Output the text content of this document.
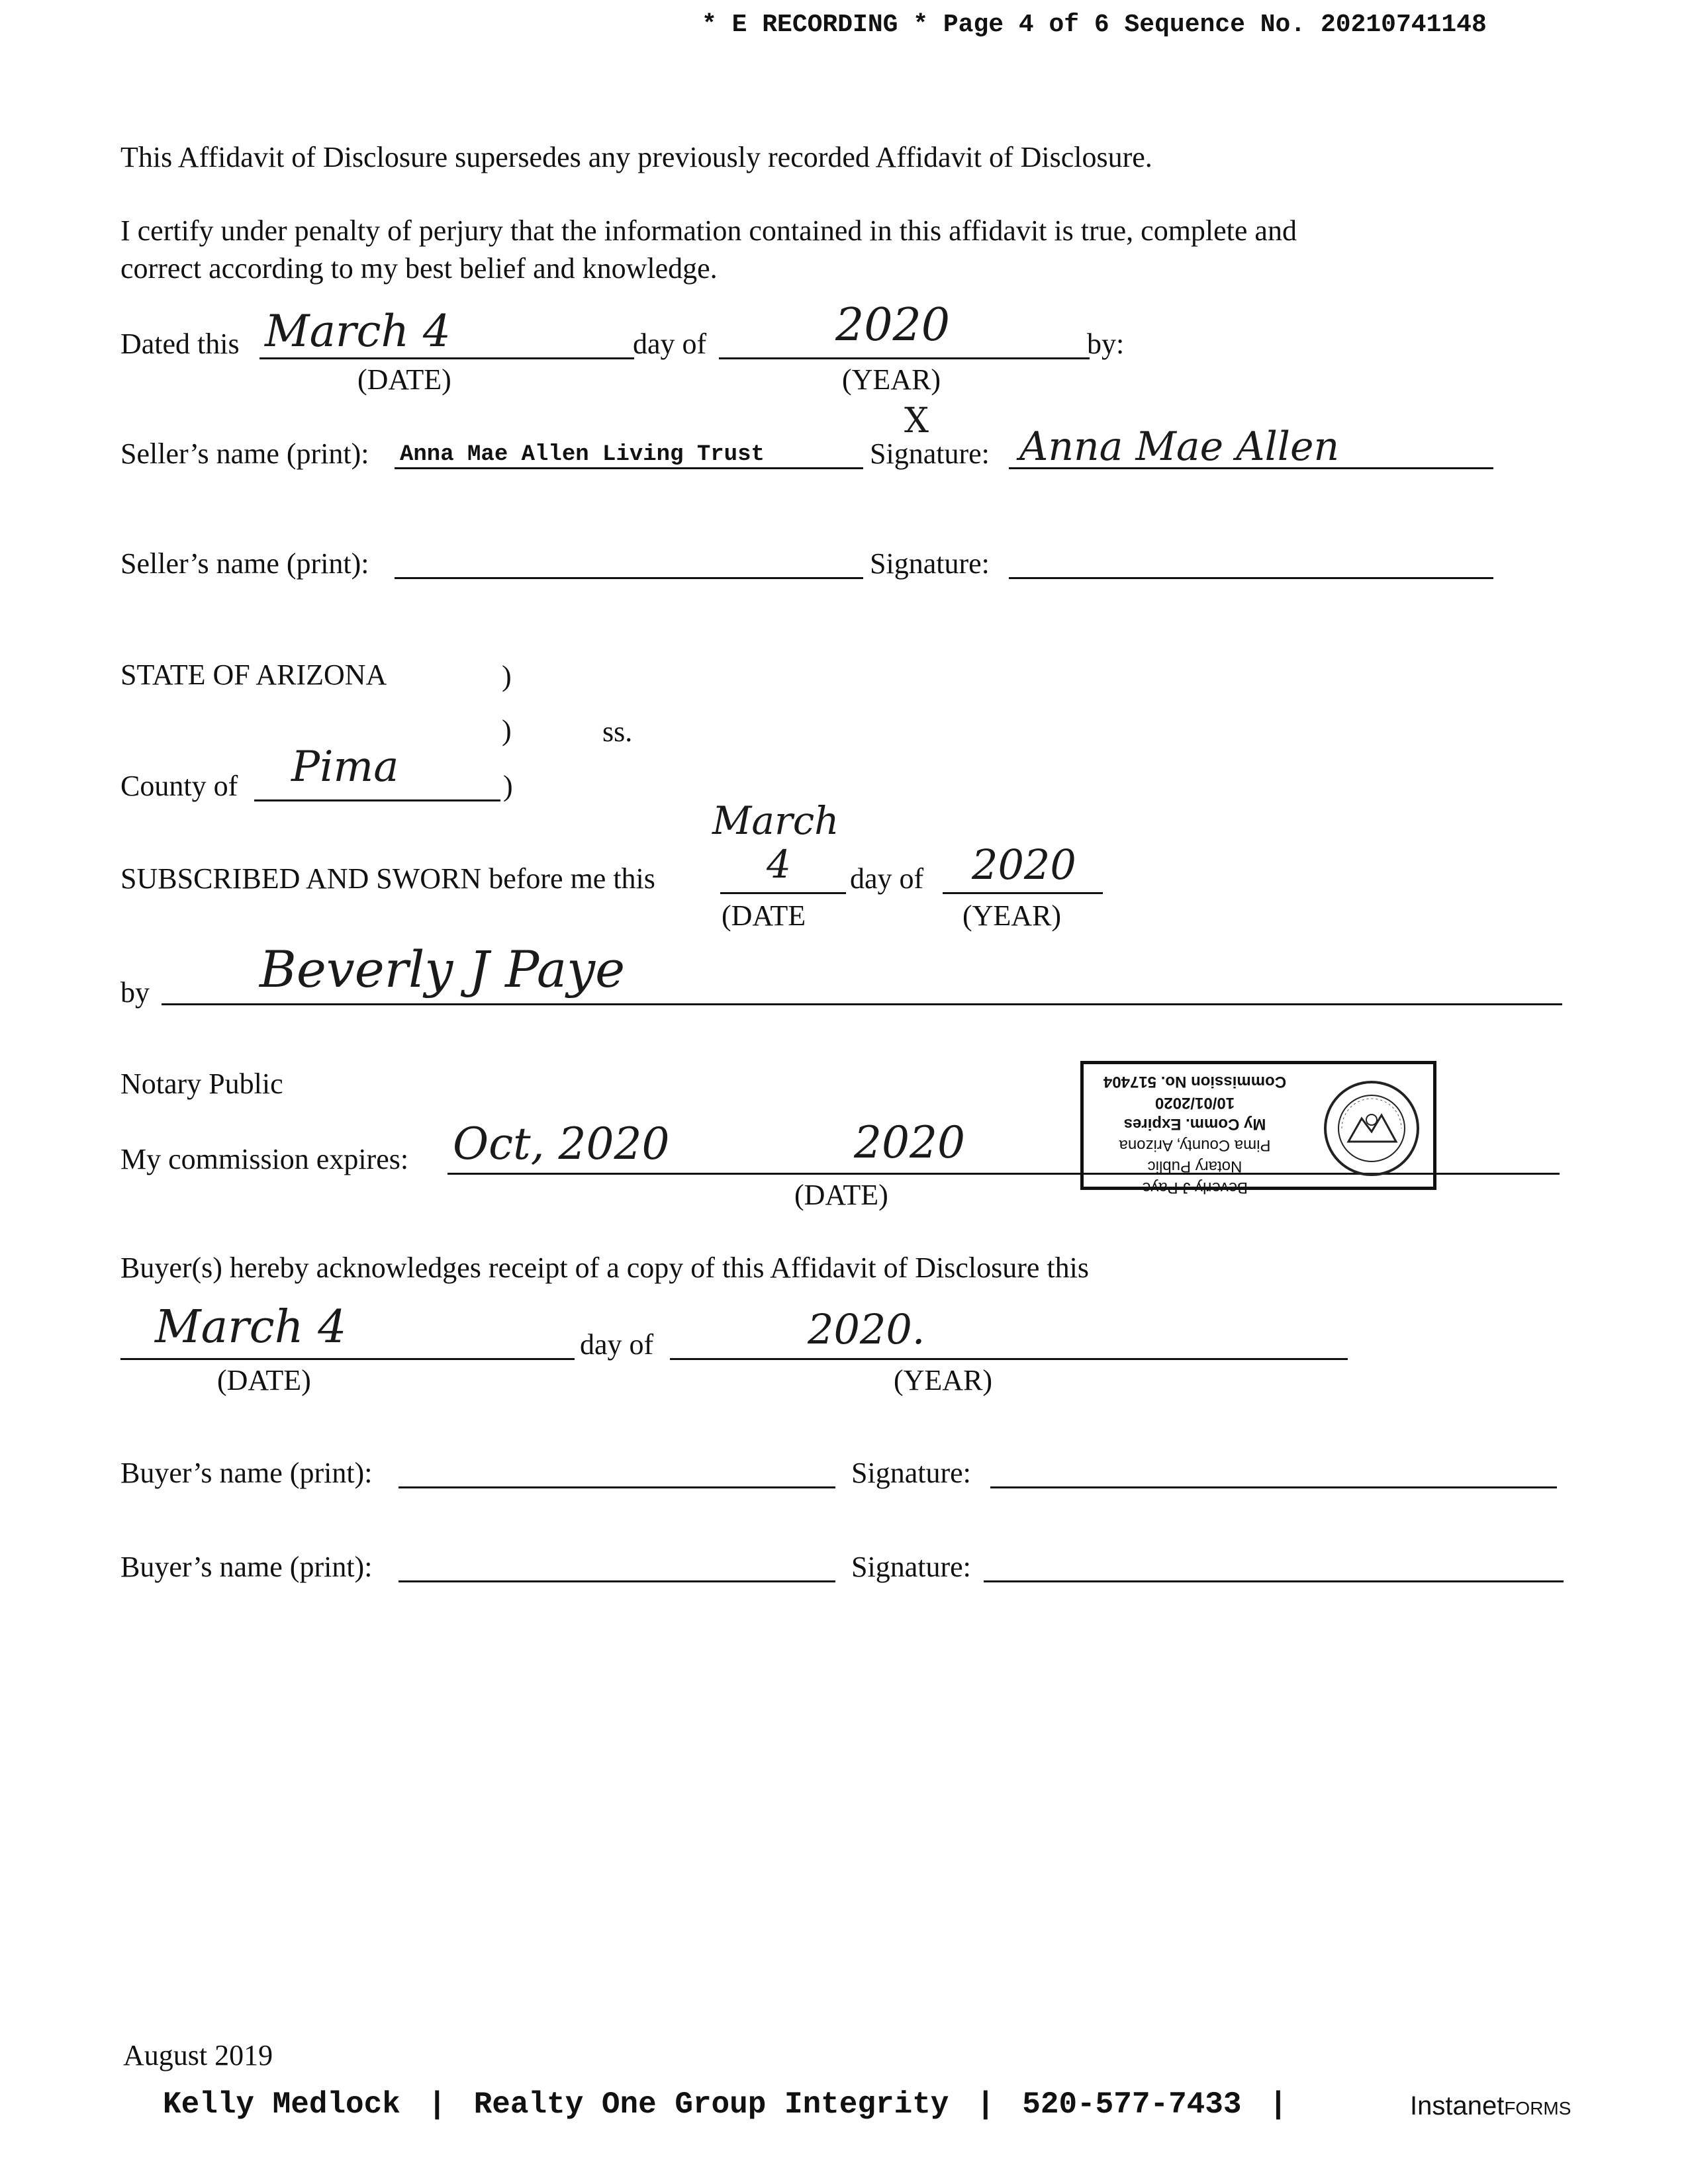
* E RECORDING * Page 4 of 6 Sequence No. 20210741148
This Affidavit of Disclosure supersedes any previously recorded Affidavit of Disclosure.
I certify under penalty of perjury that the information contained in this affidavit is true, complete and
correct according to my best belief and knowledge.
Dated this March 4	day of	2020	by:
(DATE)	(YEAR)
Seller’s name (print): Anna Mae Allen Living Trust	Signature:
X
Anna Mae Allen
Seller’s name (print):	Signature:
STATE OF ARIZONA	)
)	ss.
County of Pima	)
March
SUBSCRIBED AND SWORN before me this	4 day of 2020
(DATE	(YEAR)
by Beverly J Paye
Notary Public
My commission expires: Oct, 2020	2020
(DATE)	Beverly J Paye
Notary Public
Pima County, Arizona
My Comm. Expires 10/01/2020
Commission No. 517404
Buyer(s) hereby acknowledges receipt of a copy of this Affidavit of Disclosure this
March 4	day of	2020.
(DATE)	(YEAR)
Buyer’s name (print):	Signature:
Buyer’s name (print):	Signature:
August 2019
Kelly Medlock | Realty One Group Integrity | 520-577-7433 |	InstanetFORMS
